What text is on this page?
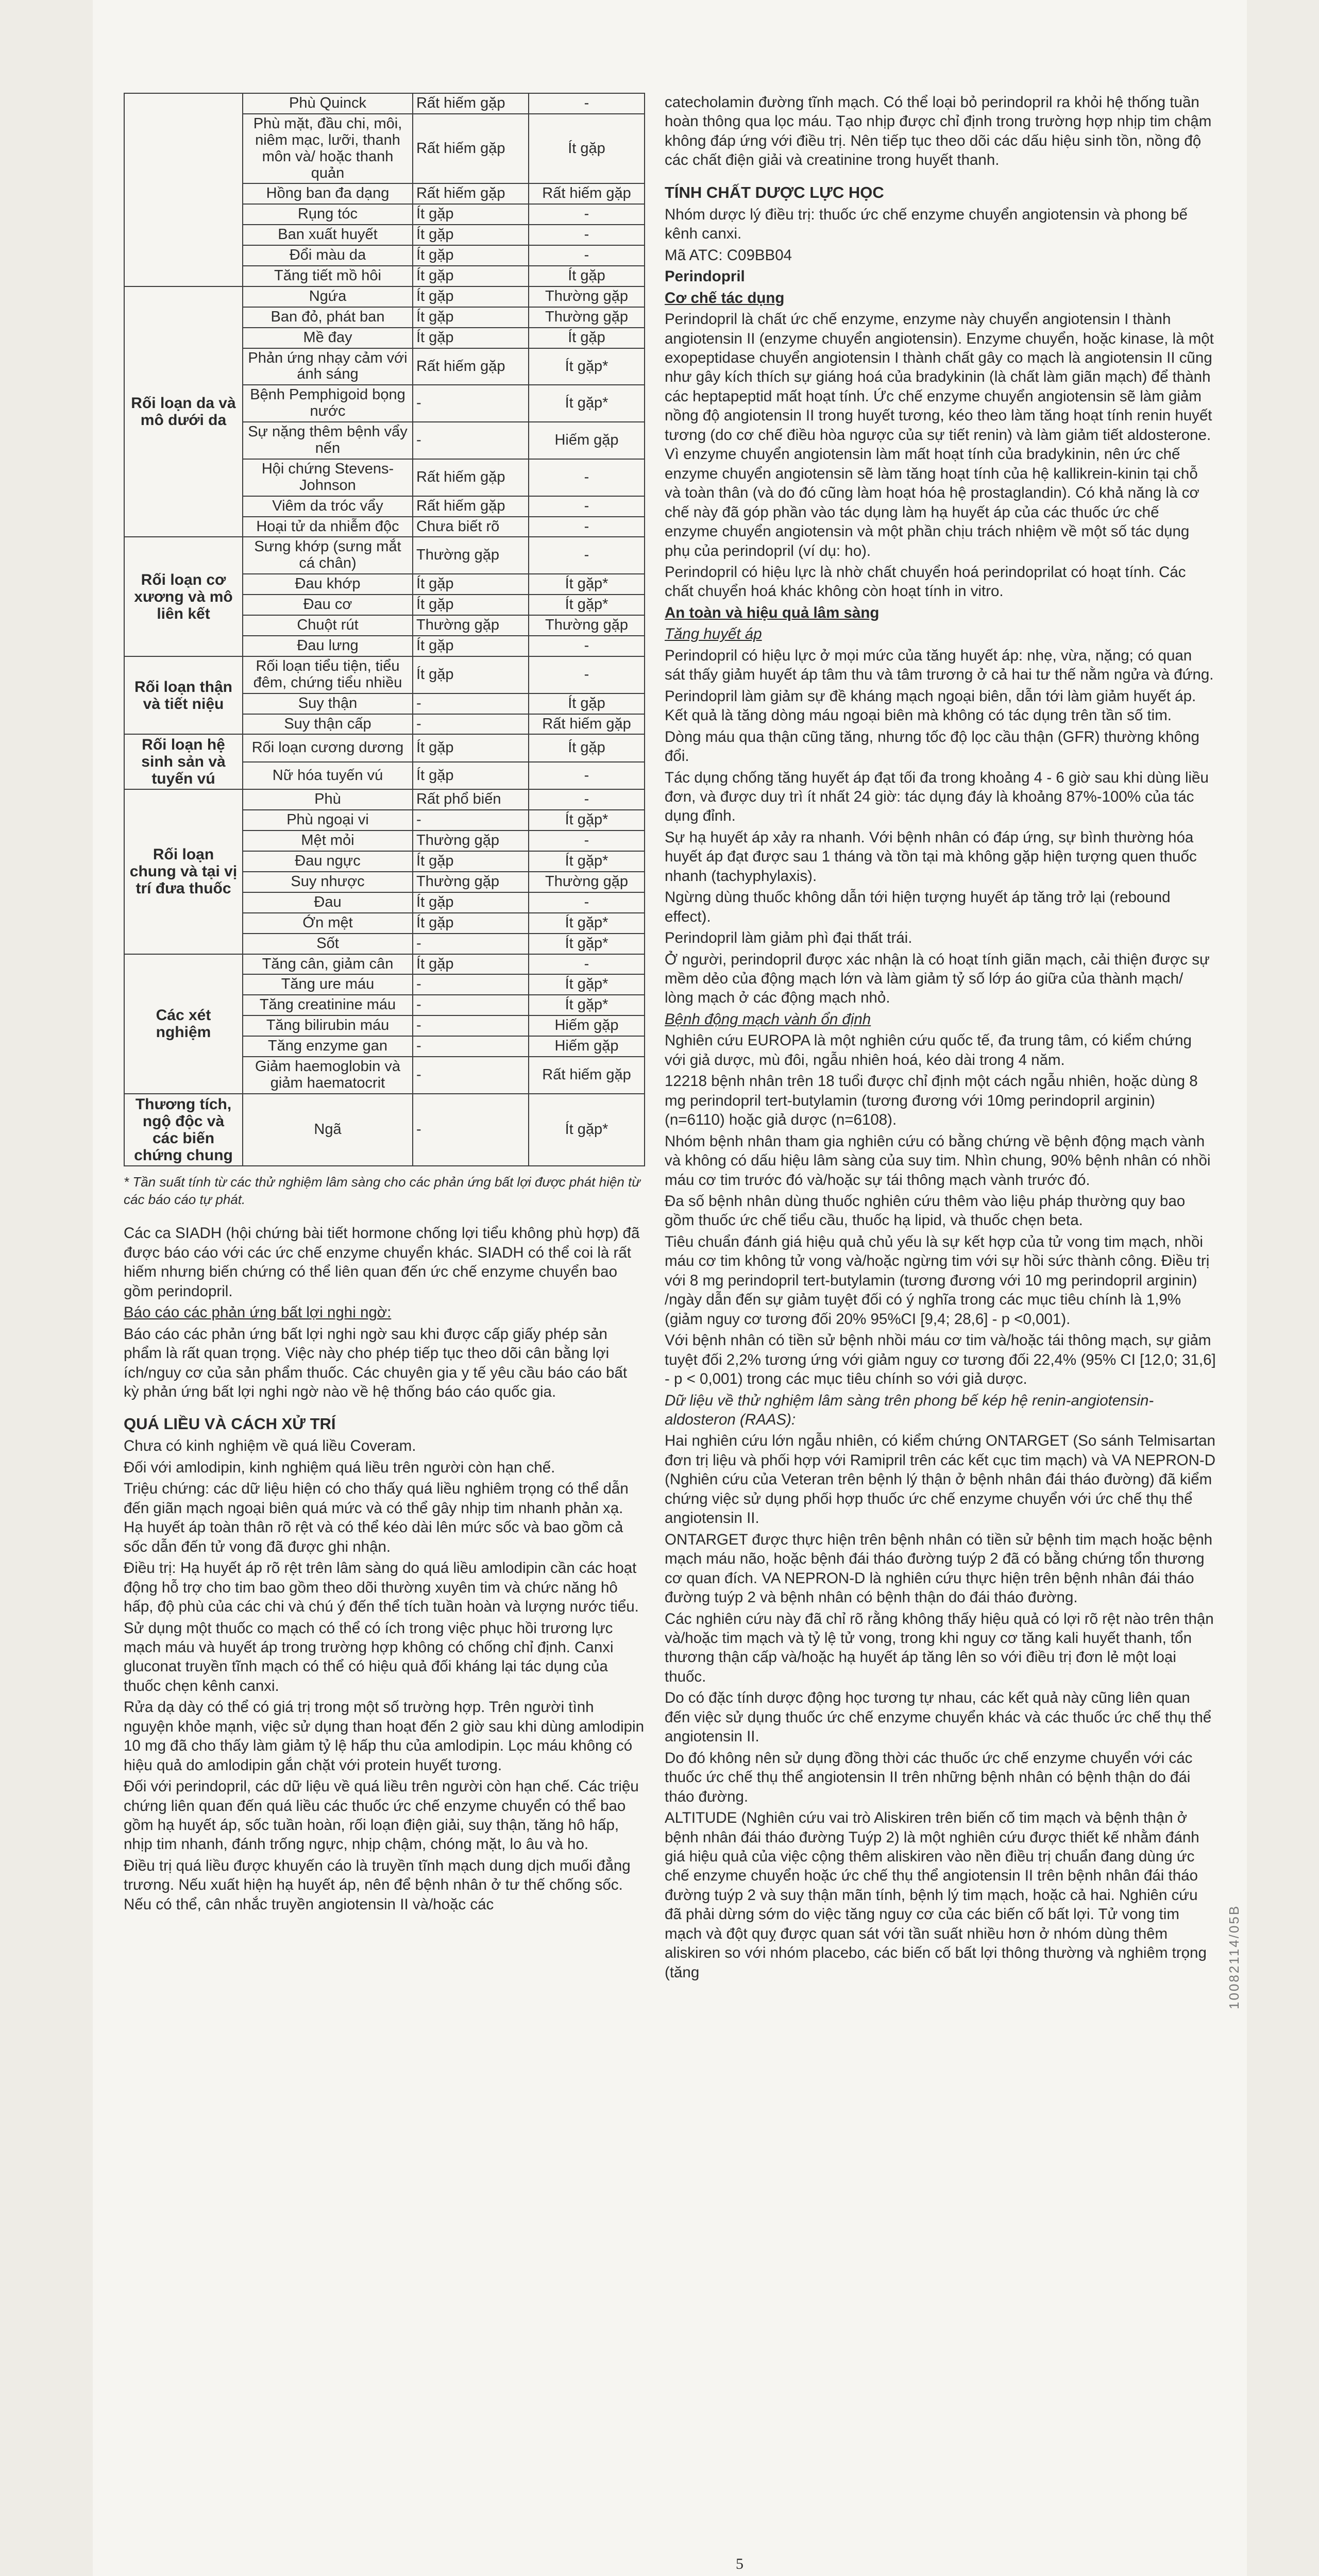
	Phù Quinck	Rất hiếm gặp	-
	Phù mặt, đầu chi, môi, niêm mạc, lưỡi, thanh môn và/ hoặc thanh quản	Rất hiếm gặp	Ít gặp
	Hồng ban đa dạng	Rất hiếm gặp	Rất hiếm gặp
	Rụng tóc	Ít gặp	-
	Ban xuất huyết	Ít gặp	-
	Đổi màu da	Ít gặp	-
	Tăng tiết mồ hôi	Ít gặp	Ít gặp
Rối loạn da và mô dưới da	Ngứa	Ít gặp	Thường gặp
	Ban đỏ, phát ban	Ít gặp	Thường gặp
	Mề đay	Ít gặp	Ít gặp
	Phản ứng nhạy cảm với ánh sáng	Rất hiếm gặp	Ít gặp*
	Bệnh Pemphigoid bọng nước	-	Ít gặp*
	Sự nặng thêm bệnh vẩy nến	-	Hiếm gặp
	Hội chứng Stevens-Johnson	Rất hiếm gặp	-
	Viêm da tróc vẩy	Rất hiếm gặp	-
	Hoại tử da nhiễm độc	Chưa biết rõ	-
Rối loạn cơ xương và mô liên kết	Sưng khớp (sưng mắt cá chân)	Thường gặp	-
	Đau khớp	Ít gặp	Ít gặp*
	Đau cơ	Ít gặp	Ít gặp*
	Chuột rút	Thường gặp	Thường gặp
	Đau lưng	Ít gặp	-
Rối loạn thận và tiết niệu	Rối loạn tiểu tiện, tiểu đêm, chứng tiểu nhiều	Ít gặp	-
	Suy thận	-	Ít gặp
	Suy thận cấp	-	Rất hiếm gặp
Rối loạn hệ sinh sản và tuyến vú	Rối loạn cương dương	Ít gặp	Ít gặp
	Nữ hóa tuyến vú	Ít gặp	-
Rối loạn chung và tại vị trí đưa thuốc	Phù	Rất phổ biến	-
	Phù ngoại vi	-	Ít gặp*
	Mệt mỏi	Thường gặp	-
	Đau ngực	Ít gặp	Ít gặp*
	Suy nhược	Thường gặp	Thường gặp
	Đau	Ít gặp	-
	Ớn mệt	Ít gặp	Ít gặp*
	Sốt	-	Ít gặp*
Các xét nghiệm	Tăng cân, giảm cân	Ít gặp	-
	Tăng ure máu	-	Ít gặp*
	Tăng creatinine máu	-	Ít gặp*
	Tăng bilirubin máu	-	Hiếm gặp
	Tăng enzyme gan	-	Hiếm gặp
	Giảm haemoglobin và giảm haematocrit	-	Rất hiếm gặp
Thương tích, ngộ độc và các biến chứng chung	Ngã	-	Ít gặp*
* Tần suất tính từ các thử nghiệm lâm sàng cho các phản ứng bất lợi được phát hiện từ các báo cáo tự phát.

Các ca SIADH (hội chứng bài tiết hormone chống lợi tiểu không phù hợp) đã được báo cáo với các ức chế enzyme chuyển khác. SIADH có thể coi là rất hiếm nhưng biến chứng có thể liên quan đến ức chế enzyme chuyển bao gồm perindopril.

Báo cáo các phản ứng bất lợi nghi ngờ:

Báo cáo các phản ứng bất lợi nghi ngờ sau khi được cấp giấy phép sản phẩm là rất quan trọng. Việc này cho phép tiếp tục theo dõi cân bằng lợi ích/nguy cơ của sản phẩm thuốc. Các chuyên gia y tế yêu cầu báo cáo bất kỳ phản ứng bất lợi nghi ngờ nào về hệ thống báo cáo quốc gia.

QUÁ LIỀU VÀ CÁCH XỬ TRÍ

Chưa có kinh nghiệm về quá liều Coveram.

Đối với amlodipin, kinh nghiệm quá liều trên người còn hạn chế.

Triệu chứng: các dữ liệu hiện có cho thấy quá liều nghiêm trọng có thể dẫn đến giãn mạch ngoại biên quá mức và có thể gây nhịp tim nhanh phản xạ. Hạ huyết áp toàn thân rõ rệt và có thể kéo dài lên mức sốc và bao gồm cả sốc dẫn đến tử vong đã được ghi nhận.

Điều trị: Hạ huyết áp rõ rệt trên lâm sàng do quá liều amlodipin cần các hoạt động hỗ trợ cho tim bao gồm theo dõi thường xuyên tim và chức năng hô hấp, độ phù của các chi và chú ý đến thể tích tuần hoàn và lượng nước tiểu.

Sử dụng một thuốc co mạch có thể có ích trong việc phục hồi trương lực mạch máu và huyết áp trong trường hợp không có chống chỉ định. Canxi gluconat truyền tĩnh mạch có thể có hiệu quả đối kháng lại tác dụng của thuốc chẹn kênh canxi.

Rửa dạ dày có thể có giá trị trong một số trường hợp. Trên người tình nguyện khỏe mạnh, việc sử dụng than hoạt đến 2 giờ sau khi dùng amlodipin 10 mg đã cho thấy làm giảm tỷ lệ hấp thu của amlodipin. Lọc máu không có hiệu quả do amlodipin gắn chặt với protein huyết tương.

Đối với perindopril, các dữ liệu về quá liều trên người còn hạn chế. Các triệu chứng liên quan đến quá liều các thuốc ức chế enzyme chuyển có thể bao gồm hạ huyết áp, sốc tuần hoàn, rối loạn điện giải, suy thận, tăng hô hấp, nhịp tim nhanh, đánh trống ngực, nhịp chậm, chóng mặt, lo âu và ho.

Điều trị quá liều được khuyến cáo là truyền tĩnh mạch dung dịch muối đẳng trương. Nếu xuất hiện hạ huyết áp, nên để bệnh nhân ở tư thế chống sốc. Nếu có thể, cân nhắc truyền angiotensin II và/hoặc các

catecholamin đường tĩnh mạch. Có thể loại bỏ perindopril ra khỏi hệ thống tuần hoàn thông qua lọc máu. Tạo nhịp được chỉ định trong trường hợp nhịp tim chậm không đáp ứng với điều trị. Nên tiếp tục theo dõi các dấu hiệu sinh tồn, nồng độ các chất điện giải và creatinine trong huyết thanh.

TÍNH CHẤT DƯỢC LỰC HỌC

Nhóm dược lý điều trị: thuốc ức chế enzyme chuyển angiotensin và phong bế kênh canxi.

Mã ATC: C09BB04

Perindopril

Cơ chế tác dụng

Perindopril là chất ức chế enzyme, enzyme này chuyển angiotensin I thành angiotensin II (enzyme chuyển angiotensin). Enzyme chuyển, hoặc kinase, là một exopeptidase chuyển angiotensin I thành chất gây co mạch là angiotensin II cũng như gây kích thích sự giáng hoá của bradykinin (là chất làm giãn mạch) để thành các heptapeptid mất hoạt tính. Ức chế enzyme chuyển angiotensin sẽ làm giảm nồng độ angiotensin II trong huyết tương, kéo theo làm tăng hoạt tính renin huyết tương (do cơ chế điều hòa ngược của sự tiết renin) và làm giảm tiết aldosterone. Vì enzyme chuyển angiotensin làm mất hoạt tính của bradykinin, nên ức chế enzyme chuyển angiotensin sẽ làm tăng hoạt tính của hệ kallikrein-kinin tại chỗ và toàn thân (và do đó cũng làm hoạt hóa hệ prostaglandin). Có khả năng là cơ chế này đã góp phần vào tác dụng làm hạ huyết áp của các thuốc ức chế enzyme chuyển angiotensin và một phần chịu trách nhiệm về một số tác dụng phụ của perindopril (ví dụ: ho).

Perindopril có hiệu lực là nhờ chất chuyển hoá perindoprilat có hoạt tính. Các chất chuyển hoá khác không còn hoạt tính in vitro.

An toàn và hiệu quả lâm sàng

Tăng huyết áp

Perindopril có hiệu lực ở mọi mức của tăng huyết áp: nhẹ, vừa, nặng; có quan sát thấy giảm huyết áp tâm thu và tâm trương ở cả hai tư thế nằm ngửa và đứng.

Perindopril làm giảm sự đề kháng mạch ngoại biên, dẫn tới làm giảm huyết áp. Kết quả là tăng dòng máu ngoại biên mà không có tác dụng trên tần số tim.

Dòng máu qua thận cũng tăng, nhưng tốc độ lọc cầu thận (GFR) thường không đổi.

Tác dụng chống tăng huyết áp đạt tối đa trong khoảng 4 - 6 giờ sau khi dùng liều đơn, và được duy trì ít nhất 24 giờ: tác dụng đáy là khoảng 87%-100% của tác dụng đỉnh.

Sự hạ huyết áp xảy ra nhanh. Với bệnh nhân có đáp ứng, sự bình thường hóa huyết áp đạt được sau 1 tháng và tồn tại mà không gặp hiện tượng quen thuốc nhanh (tachyphylaxis).

Ngừng dùng thuốc không dẫn tới hiện tượng huyết áp tăng trở lại (rebound effect).

Perindopril làm giảm phì đại thất trái.

Ở người, perindopril được xác nhận là có hoạt tính giãn mạch, cải thiện được sự mềm dẻo của động mạch lớn và làm giảm tỷ số lớp áo giữa của thành mạch/ lòng mạch ở các động mạch nhỏ.

Bệnh động mạch vành ổn định

Nghiên cứu EUROPA là một nghiên cứu quốc tế, đa trung tâm, có kiểm chứng với giả dược, mù đôi, ngẫu nhiên hoá, kéo dài trong 4 năm.

12218 bệnh nhân trên 18 tuổi được chỉ định một cách ngẫu nhiên, hoặc dùng 8 mg perindopril tert-butylamin (tương đương với 10mg perindopril arginin) (n=6110) hoặc giả dược (n=6108).

Nhóm bệnh nhân tham gia nghiên cứu có bằng chứng về bệnh động mạch vành và không có dấu hiệu lâm sàng của suy tim. Nhìn chung, 90% bệnh nhân có nhồi máu cơ tim trước đó và/hoặc sự tái thông mạch vành trước đó.

Đa số bệnh nhân dùng thuốc nghiên cứu thêm vào liệu pháp thường quy bao gồm thuốc ức chế tiểu cầu, thuốc hạ lipid, và thuốc chẹn beta.

Tiêu chuẩn đánh giá hiệu quả chủ yếu là sự kết hợp của tử vong tim mạch, nhồi máu cơ tim không tử vong và/hoặc ngừng tim với sự hồi sức thành công. Điều trị với 8 mg perindopril tert-butylamin (tương đương với 10 mg perindopril arginin) /ngày dẫn đến sự giảm tuyệt đối có ý nghĩa trong các mục tiêu chính là 1,9% (giảm nguy cơ tương đối 20% 95%CI [9,4; 28,6] - p <0,001).

Với bệnh nhân có tiền sử bệnh nhồi máu cơ tim và/hoặc tái thông mạch, sự giảm tuyệt đối 2,2% tương ứng với giảm nguy cơ tương đối 22,4% (95% CI [12,0; 31,6] - p < 0,001) trong các mục tiêu chính so với giả dược.

Dữ liệu về thử nghiệm lâm sàng trên phong bế kép hệ renin-angiotensin-aldosteron (RAAS):

Hai nghiên cứu lớn ngẫu nhiên, có kiểm chứng ONTARGET (So sánh Telmisartan đơn trị liệu và phối hợp với Ramipril trên các kết cục tim mạch) và VA NEPRON-D (Nghiên cứu của Veteran trên bệnh lý thận ở bệnh nhân đái tháo đường) đã kiểm chứng việc sử dụng phối hợp thuốc ức chế enzyme chuyển với ức chế thụ thể angiotensin II.

ONTARGET được thực hiện trên bệnh nhân có tiền sử bệnh tim mạch hoặc bệnh mạch máu não, hoặc bệnh đái tháo đường tuýp 2 đã có bằng chứng tổn thương cơ quan đích. VA NEPRON-D là nghiên cứu thực hiện trên bệnh nhân đái tháo đường tuýp 2 và bệnh nhân có bệnh thận do đái tháo đường.

Các nghiên cứu này đã chỉ rõ rằng không thấy hiệu quả có lợi rõ rệt nào trên thận và/hoặc tim mạch và tỷ lệ tử vong, trong khi nguy cơ tăng kali huyết thanh, tổn thương thận cấp và/hoặc hạ huyết áp tăng lên so với điều trị đơn lẻ một loại thuốc.

Do có đặc tính dược động học tương tự nhau, các kết quả này cũng liên quan đến việc sử dụng thuốc ức chế enzyme chuyển khác và các thuốc ức chế thụ thể angiotensin II.

Do đó không nên sử dụng đồng thời các thuốc ức chế enzyme chuyển với các thuốc ức chế thụ thể angiotensin II trên những bệnh nhân có bệnh thận do đái tháo đường.

ALTITUDE (Nghiên cứu vai trò Aliskiren trên biến cố tim mạch và bệnh thận ở bệnh nhân đái tháo đường Tuýp 2) là một nghiên cứu được thiết kế nhằm đánh giá hiệu quả của việc cộng thêm aliskiren vào nền điều trị chuẩn đang dùng ức chế enzyme chuyển hoặc ức chế thụ thể angiotensin II trên bệnh nhân đái tháo đường tuýp 2 và suy thận mãn tính, bệnh lý tim mạch, hoặc cả hai. Nghiên cứu đã phải dừng sớm do việc tăng nguy cơ của các biến cố bất lợi. Tử vong tim mạch và đột quỵ được quan sát với tần suất nhiều hơn ở nhóm dùng thêm aliskiren so với nhóm placebo, các biến cố bất lợi thông thường và nghiêm trọng (tăng

5
10082114/05B
